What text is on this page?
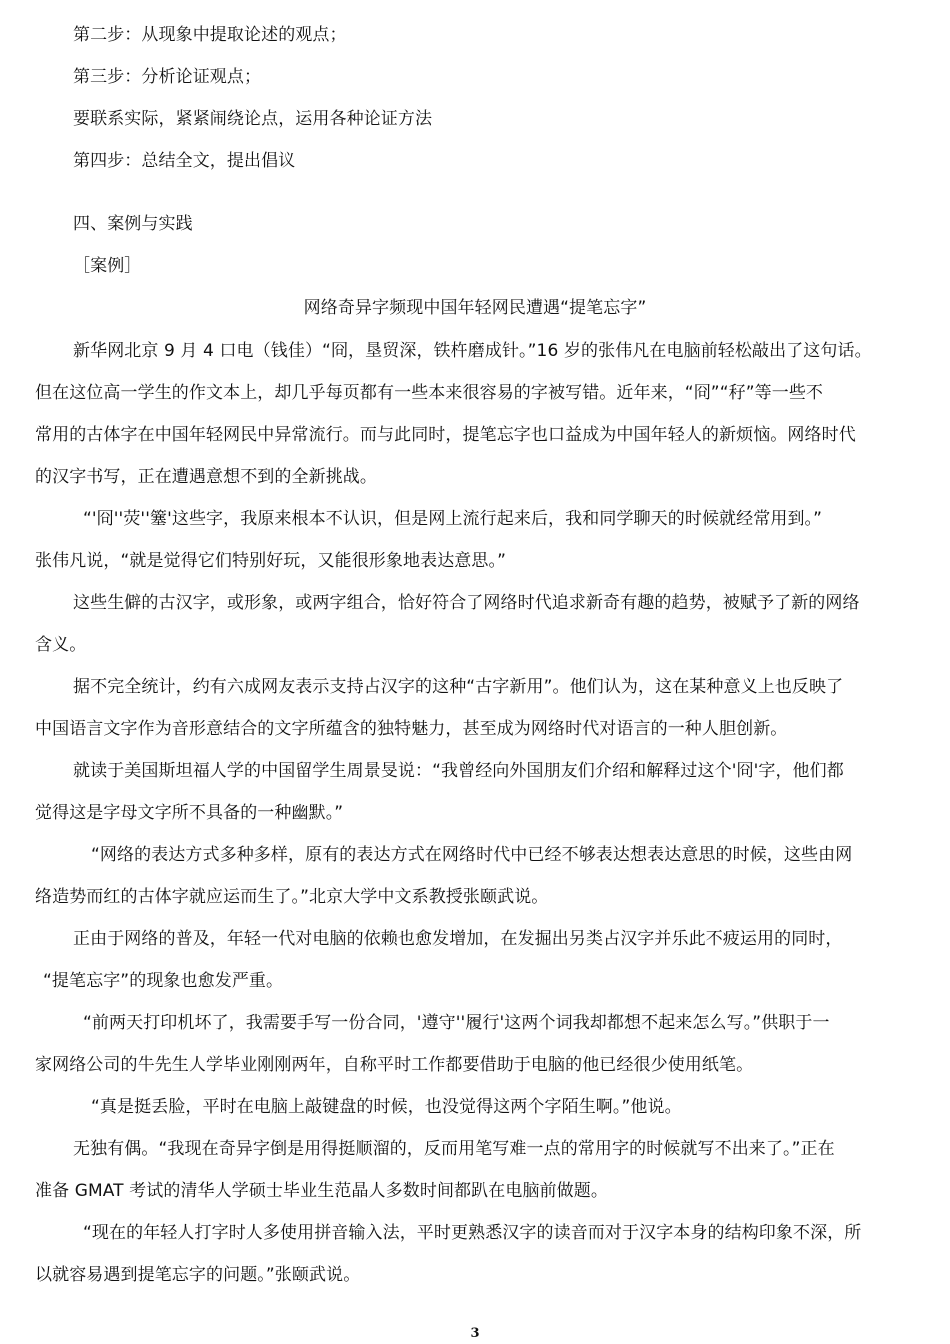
第二步：从现象中提取论述的观点；
第三步：分析论证观点；
要联系实际，紧紧闹绕论点，运用各种论证方法
第四步：总结全文，提出倡议
四、案例与实践
［案例］
网络奇异字频现中国年轻网民遭遇“提笔忘字”
新华网北京 9 月 4 口电（钱佳）“冏，垦贸深，铁杵磨成针。”16 岁的张伟凡在电脑前轻松敲出了这句话。
但在这位高一学生的作文本上，却几乎每页都有一些本来很容易的字被写错。近年来，“冏”“秄”等一些不
常用的古体字在中国年轻网民中异常流行。而与此同时，提笔忘字也口益成为中国年轻人的新烦恼。网络时代
的汉字书写，正在遭遇意想不到的全新挑战。
“'冏''荧''簺'这些字，我原来根本不认识，但是网上流行起来后，我和同学聊天的时候就经常用到。”
张伟凡说，“就是觉得它们特别好玩，又能很形象地表达意思。”
这些生僻的古汉字，或形象，或两字组合，恰好符合了网络时代追求新奇有趣的趋势，被赋予了新的网络
含义。
据不完全统计，约有六成网友表示支持占汉字的这种“古字新用”。他们认为，这在某种意义上也反映了
中国语言文字作为音形意结合的文字所蕴含的独特魅力，甚至成为网络时代对语言的一种人胆创新。
就读于美国斯坦福人学的中国留学生周景旻说：“我曾经向外国朋友们介绍和解释过这个'冏'字，他们都
觉得这是字母文字所不具备的一种幽默。”
“网络的表达方式多种多样，原有的表达方式在网络时代中已经不够表达想表达意思的时候，这些由网
络造势而红的古体字就应运而生了。”北京大学中文系教授张颐武说。
正由于网络的普及，年轻一代对电脑的依赖也愈发增加，在发掘出另类占汉字并乐此不疲运用的同时，
“提笔忘字”的现象也愈发严重。
“前两天打印机坏了，我需要手写一份合同，'遵守''履行'这两个词我却都想不起来怎么写。”供职于一
家网络公司的牛先生人学毕业刚刚两年，自称平时工作都要借助于电脑的他已经很少使用纸笔。
“真是挺丢脸，平时在电脑上敲键盘的时候，也没觉得这两个字陌生啊。”他说。
无独有偶。“我现在奇异字倒是用得挺顺溜的，反而用笔写难一点的常用字的时候就写不出来了。”正在
准备 GMAT 考试的清华人学硕士毕业生范晶人多数时间都趴在电脑前做题。
“现在的年轻人打字时人多使用拼音输入法，平时更熟悉汉字的读音而对于汉字本身的结构印象不深，所
以就容易遇到提笔忘字的问题。”张颐武说。
3
